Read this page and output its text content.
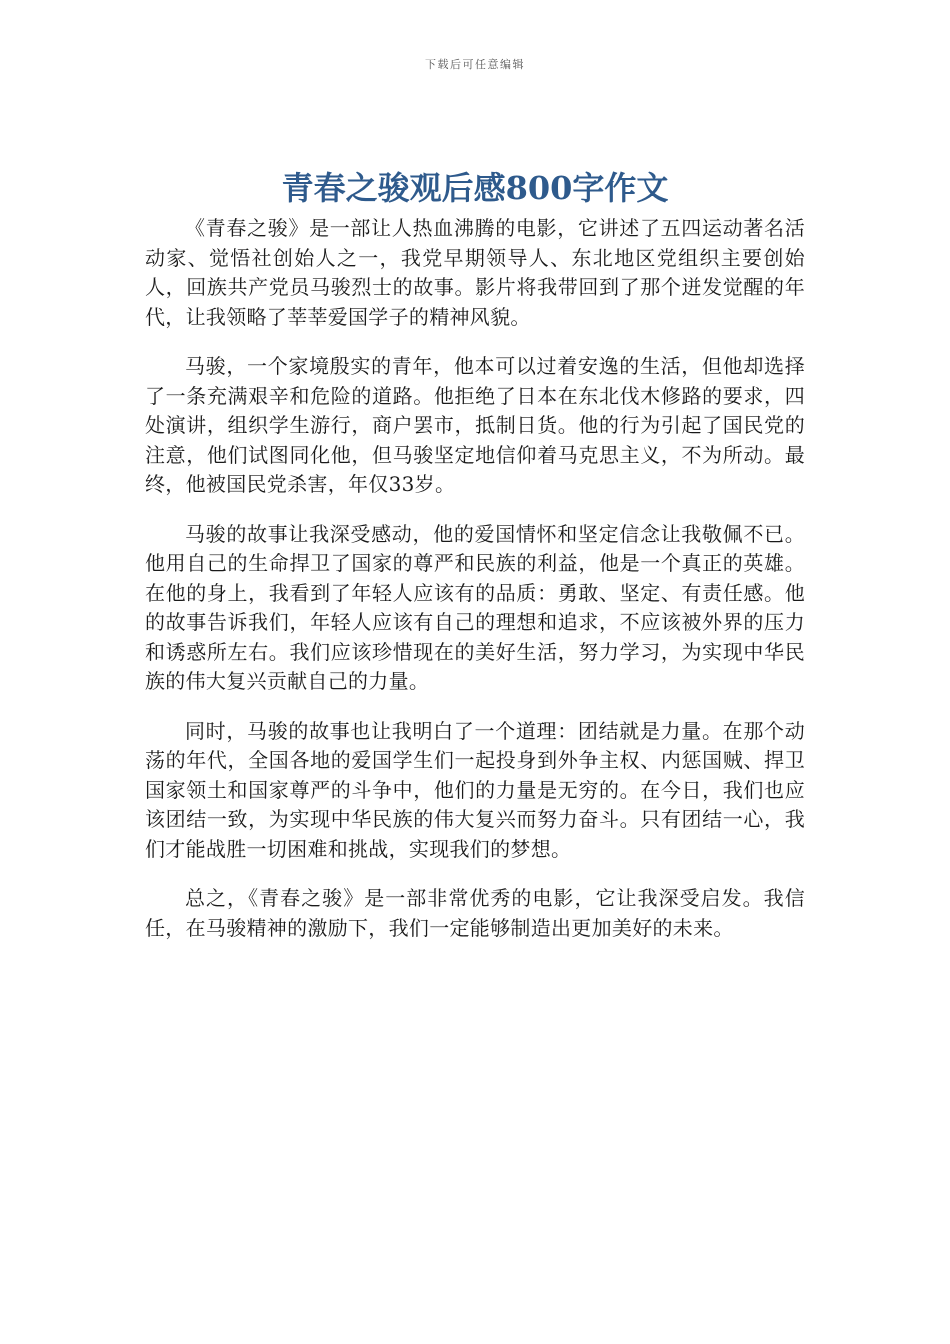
下载后可任意编辑
青春之骏观后感800字作文

《青春之骏》是一部让人热血沸腾的电影，它讲述了五四运动著名活动家、觉悟社创始人之一，我党早期领导人、东北地区党组织主要创始人，回族共产党员马骏烈士的故事。影片将我带回到了那个迸发觉醒的年代，让我领略了莘莘爱国学子的精神风貌。

马骏，一个家境殷实的青年，他本可以过着安逸的生活，但他却选择了一条充满艰辛和危险的道路。他拒绝了日本在东北伐木修路的要求，四处演讲，组织学生游行，商户罢市，抵制日货。他的行为引起了国民党的注意，他们试图同化他，但马骏坚定地信仰着马克思主义，不为所动。最终，他被国民党杀害，年仅33岁。

马骏的故事让我深受感动，他的爱国情怀和坚定信念让我敬佩不已。他用自己的生命捍卫了国家的尊严和民族的利益，他是一个真正的英雄。在他的身上，我看到了年轻人应该有的品质：勇敢、坚定、有责任感。他的故事告诉我们，年轻人应该有自己的理想和追求，不应该被外界的压力和诱惑所左右。我们应该珍惜现在的美好生活，努力学习，为实现中华民族的伟大复兴贡献自己的力量。

同时，马骏的故事也让我明白了一个道理：团结就是力量。在那个动荡的年代，全国各地的爱国学生们一起投身到外争主权、内惩国贼、捍卫国家领土和国家尊严的斗争中，他们的力量是无穷的。在今日，我们也应该团结一致，为实现中华民族的伟大复兴而努力奋斗。只有团结一心，我们才能战胜一切困难和挑战，实现我们的梦想。

总之，《青春之骏》是一部非常优秀的电影，它让我深受启发。我信任，在马骏精神的激励下，我们一定能够制造出更加美好的未来。
